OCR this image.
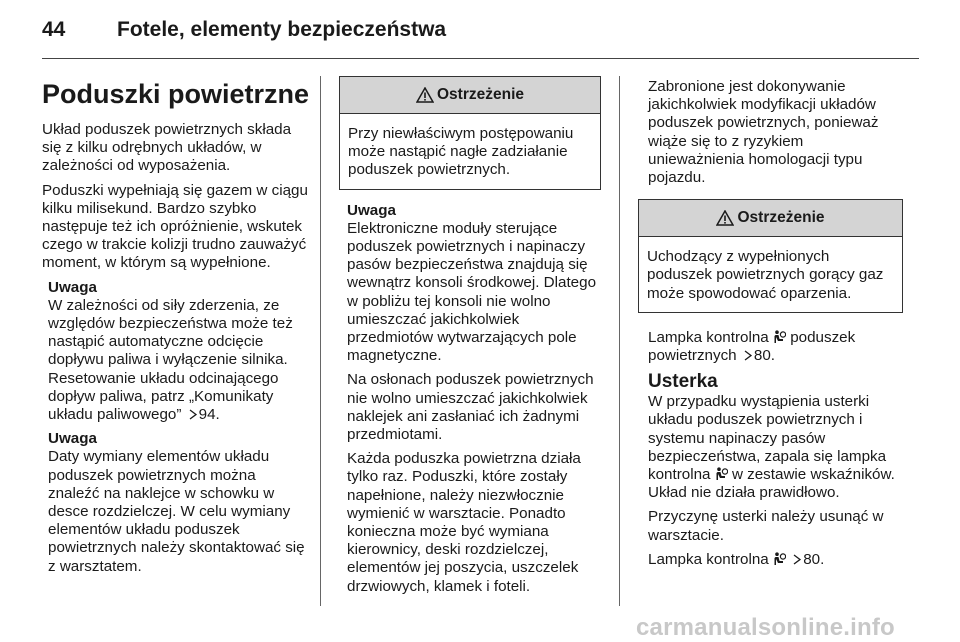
44 Fotele, elementy bezpieczeństwa
Poduszki powietrzne

Układ poduszek powietrznych składa się z kilku odrębnych układów, w zależności od wyposażenia.

Poduszki wypełniają się gazem w ciągu kilku milisekund. Bardzo szybko następuje też ich opróżnienie, wskutek czego w trakcie kolizji trudno zauważyć moment, w którym są wypełnione.

Uwaga
W zależności od siły zderzenia, ze względów bezpieczeństwa może też nastąpić automatyczne odcięcie dopływu paliwa i wyłączenie silnika. Resetowanie układu odcinającego dopływ paliwa, patrz „Komunikaty układu paliwowego” 94.
Uwaga
Daty wymiany elementów układu poduszek powietrznych można znaleźć na naklejce w schowku w desce rozdzielczej. W celu wymiany elementów układu poduszek powietrznych należy skontaktować się z warsztatem.
Ostrzeżenie
Przy niewłaściwym postępowaniu może nastąpić nagłe zadziałanie poduszek powietrznych.
Uwaga
Elektroniczne moduły sterujące poduszek powietrznych i napinaczy pasów bezpieczeństwa znajdują się wewnątrz konsoli środkowej. Dlatego w pobliżu tej konsoli nie wolno umieszczać jakichkolwiek przedmiotów wytwarzających pole magnetyczne.

Na osłonach poduszek powietrznych nie wolno umieszczać jakichkolwiek naklejek ani zasłaniać ich żadnymi przedmiotami.

Każda poduszka powietrzna działa tylko raz. Poduszki, które zostały napełnione, należy niezwłocznie wymienić w warsztacie. Ponadto konieczna może być wymiana kierownicy, deski rozdzielczej, elementów jej poszycia, uszczelek drzwiowych, klamek i foteli.

Zabronione jest dokonywanie jakichkolwiek modyfikacji układów poduszek powietrznych, ponieważ wiąże się to z ryzykiem unieważnienia homologacji typu pojazdu.

Ostrzeżenie
Uchodzący z wypełnionych poduszek powietrznych gorący gaz może spowodować oparzenia.

Lampka kontrolna poduszek powietrznych 80.

Usterka

W przypadku wystąpienia usterki układu poduszek powietrznych i systemu napinaczy pasów bezpieczeństwa, zapala się lampka kontrolna w zestawie wskaźników. Układ nie działa prawidłowo.

Przyczynę usterki należy usunąć w warsztacie.

Lampka kontrolna 80.

carmanualsonline.info
